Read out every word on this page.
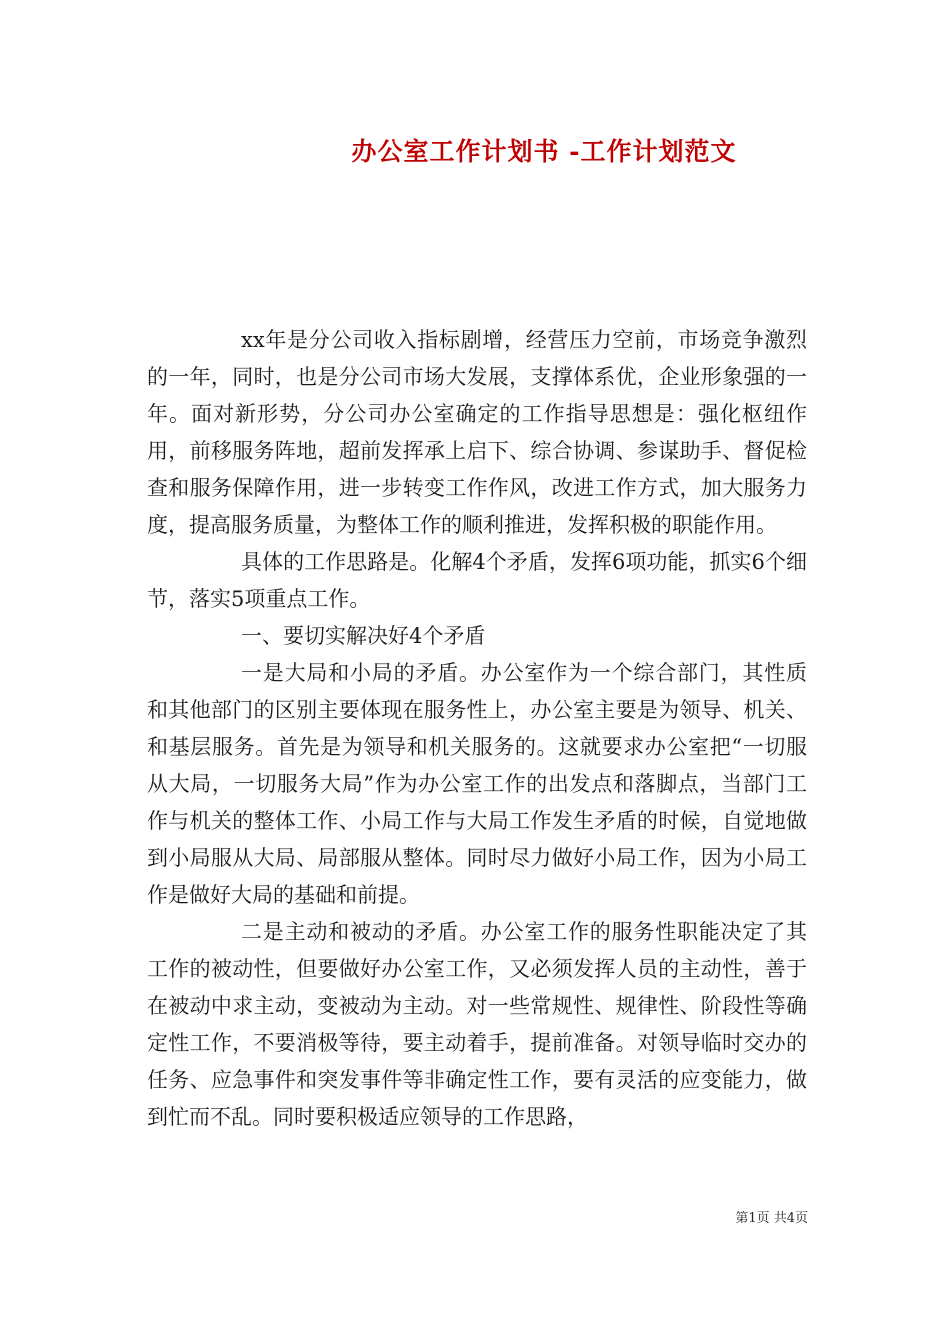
办公室工作计划书 -工作计划范文

xx年是分公司收入指标剧增，经营压力空前，市场竞争激烈的一年，同时，也是分公司市场大发展，支撑体系优，企业形象强的一年。面对新形势，分公司办公室确定的工作指导思想是：强化枢纽作用，前移服务阵地，超前发挥承上启下、综合协调、参谋助手、督促检查和服务保障作用，进一步转变工作作风，改进工作方式，加大服务力度，提高服务质量，为整体工作的顺利推进，发挥积极的职能作用。

具体的工作思路是。化解4个矛盾，发挥6项功能，抓实6个细节，落实5项重点工作。

一、要切实解决好4个矛盾

一是大局和小局的矛盾。办公室作为一个综合部门，其性质和其他部门的区别主要体现在服务性上，办公室主要是为领导、机关、和基层服务。首先是为领导和机关服务的。这就要求办公室把“一切服从大局，一切服务大局”作为办公室工作的出发点和落脚点，当部门工作与机关的整体工作、小局工作与大局工作发生矛盾的时候，自觉地做到小局服从大局、局部服从整体。同时尽力做好小局工作，因为小局工作是做好大局的基础和前提。

二是主动和被动的矛盾。办公室工作的服务性职能决定了其工作的被动性，但要做好办公室工作，又必须发挥人员的主动性，善于在被动中求主动，变被动为主动。对一些常规性、规律性、阶段性等确定性工作，不要消极等待，要主动着手，提前准备。对领导临时交办的任务、应急事件和突发事件等非确定性工作，要有灵活的应变能力，做到忙而不乱。同时要积极适应领导的工作思路，

第1页 共4页
